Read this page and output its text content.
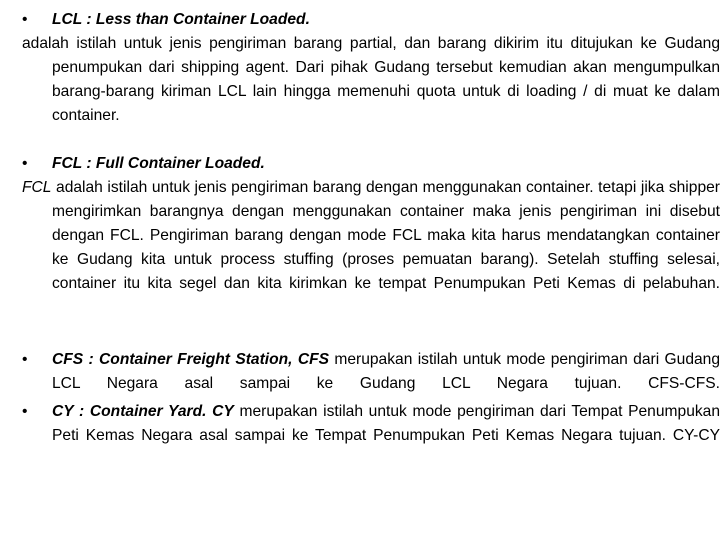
• LCL : Less than Container Loaded.
adalah istilah untuk jenis pengiriman barang partial, dan barang dikirim itu ditujukan ke Gudang penumpukan dari shipping agent. Dari pihak Gudang tersebut kemudian akan mengumpulkan barang-barang kiriman LCL lain hingga memenuhi quota untuk di loading / di muat ke dalam container.
• FCL : Full Container Loaded.
FCL adalah istilah untuk jenis pengiriman barang dengan menggunakan container. tetapi jika shipper mengirimkan barangnya dengan menggunakan container maka jenis pengiriman ini disebut dengan FCL. Pengiriman barang dengan mode FCL maka kita harus mendatangkan container ke Gudang kita untuk process stuffing (proses pemuatan barang). Setelah stuffing selesai, container itu kita segel dan kita kirimkan ke tempat Penumpukan Peti Kemas di pelabuhan.
• CFS : Container Freight Station, CFS merupakan istilah untuk mode pengiriman dari Gudang LCL Negara asal sampai ke Gudang LCL Negara tujuan. CFS-CFS.
• CY : Container Yard. CY merupakan istilah untuk mode pengiriman dari Tempat Penumpukan Peti Kemas Negara asal sampai ke Tempat Penumpukan Peti Kemas Negara tujuan. CY-CY
